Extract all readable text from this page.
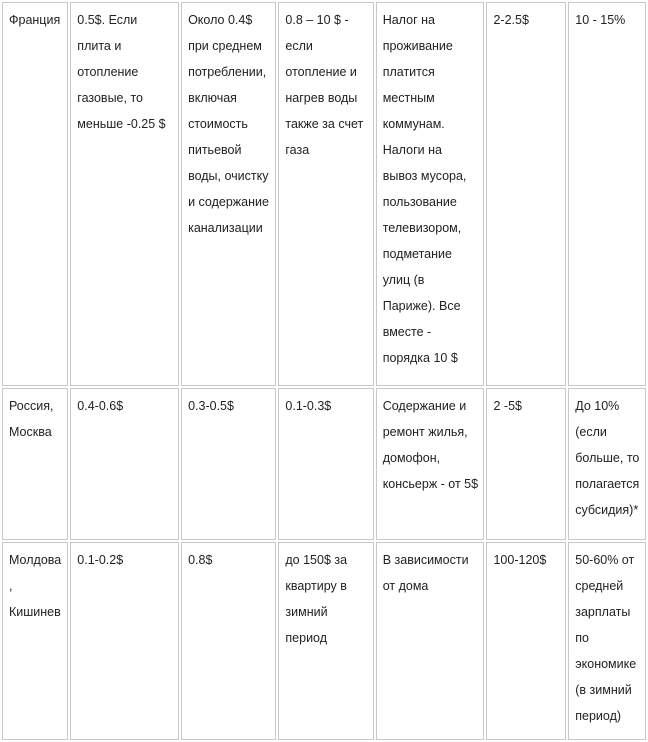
Франция	0.5$. Если плита и отопление газовые, то меньше -0.25 $	Около 0.4$ при среднем потреблении, включая стоимость питьевой воды, очистку и содержание канализации	0.8 – 10 $ - если отопление и нагрев воды также за счет газа	Налог на проживание платится местным коммунам. Налоги на вывоз мусора, пользование телевизором, подметание улиц (в Париже). Все вместе - порядка 10 $	2-2.5$	10 - 15%
Россия, Москва	0.4-0.6$	0.3-0.5$	0.1-0.3$	Содержание и ремонт жилья, домофон, консьерж - от 5$	2 -5$	До 10% (если больше, то полагается субсидия)*
Молдова, Кишинев	0.1-0.2$	0.8$	до 150$ за квартиру в зимний период	В зависимости от дома	100-120$	50-60% от средней зарплаты по экономике (в зимний период)
